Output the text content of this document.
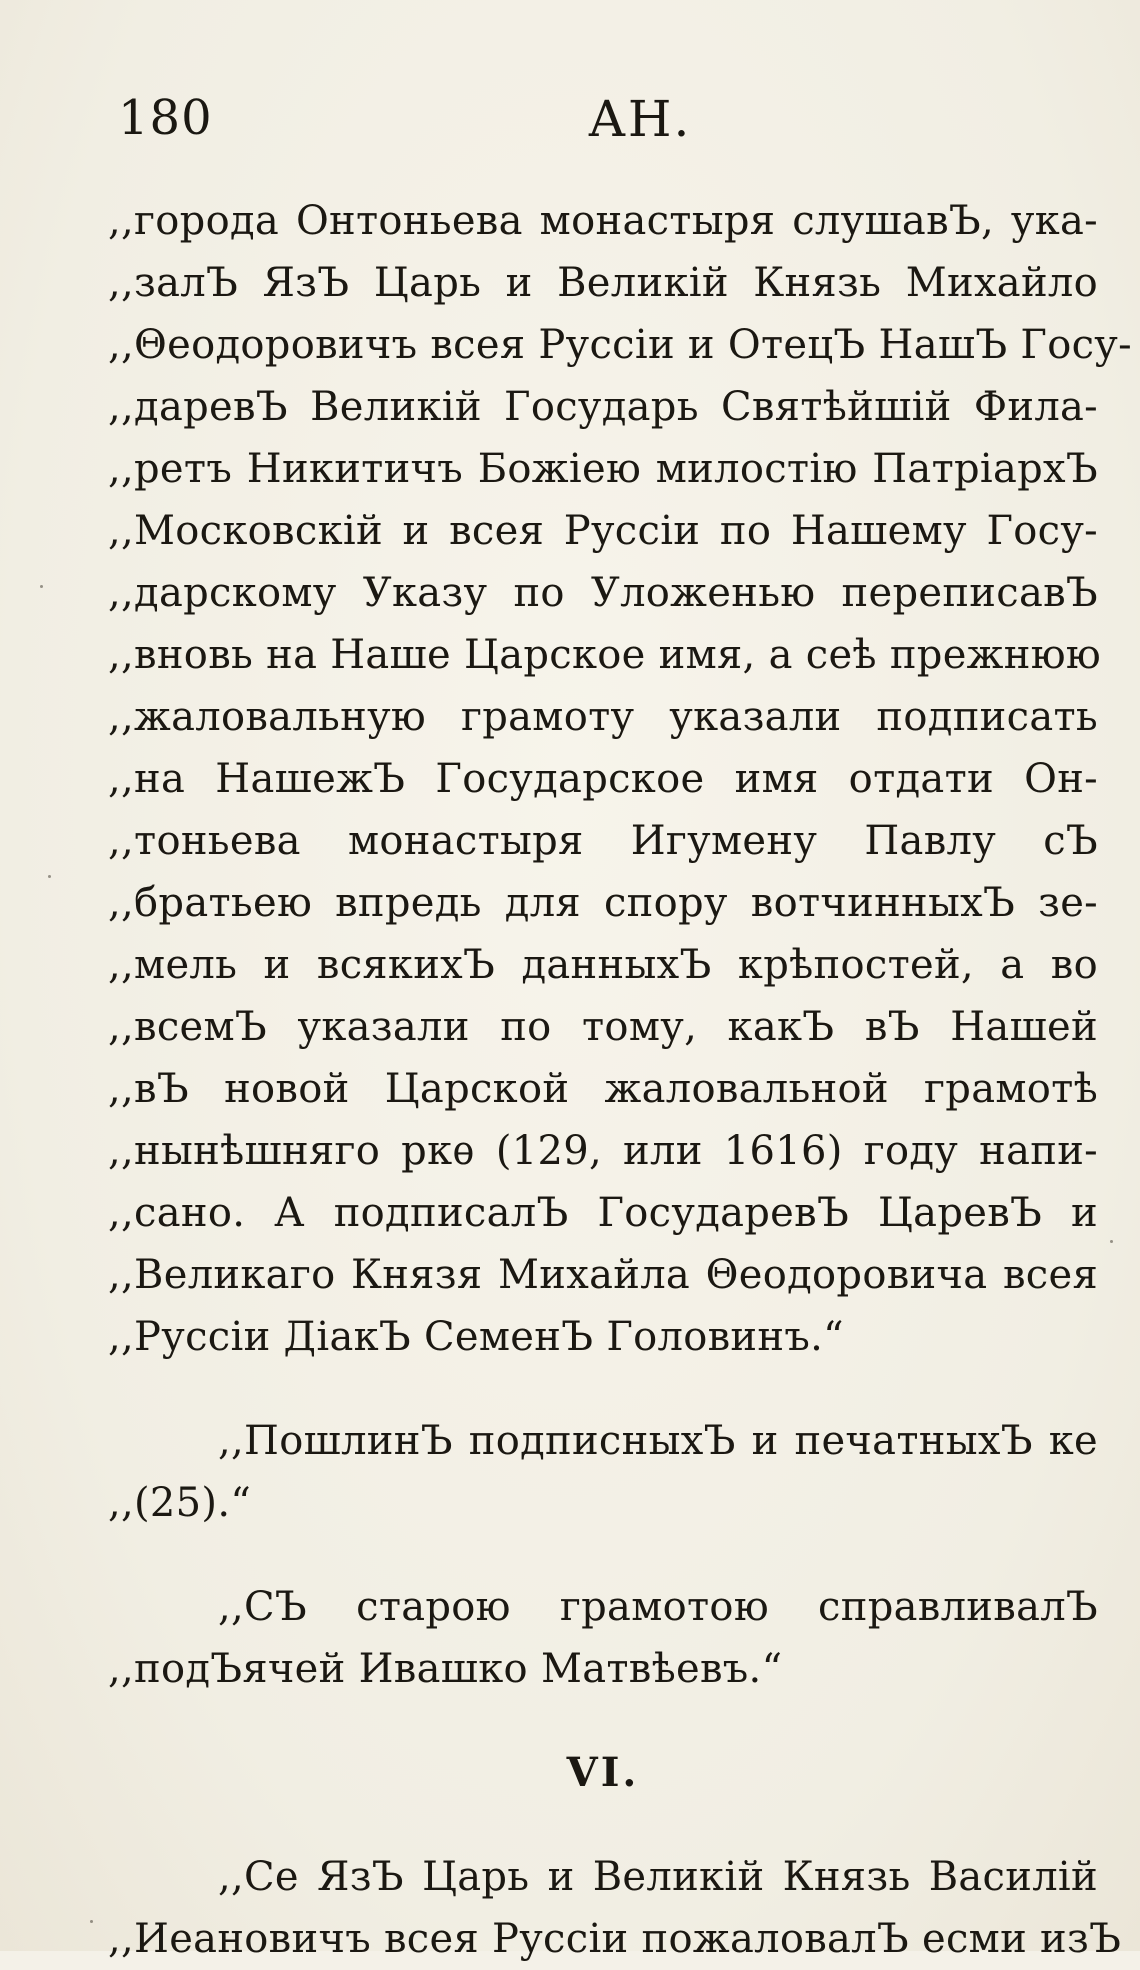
180	АН.
,,города Онтоньева монастыря слушавЪ, ука-
,,залЪ ЯзЪ Царь и Великій Князь Михайло
,,Θеодоровичъ всея Руссіи и ОтецЪ НашЪ Госу-
,,даревЪ Великій Государь Святѣйшій Фила-
,,ретъ Никитичъ Божіею милостію ПатріархЪ
,,Московскій и всея Руссіи по Нашему Госу-
,,дарскому Указу по Уложенью переписавЪ
,,вновь на Наше Царское имя, а сеѣ прежнюю
,,жаловальную грамоту указали подписать
,,на НашежЪ Государское имя отдати Он-
,,тоньева монастыря Игумену Павлу сЪ
,,братьею впредь для спору вотчинныхЪ зе-
,,мель и всякихЪ данныхЪ крѣпостей, а во
,,всемЪ указали по тому, какЪ вЪ Нашей
,,вЪ новой Царской жаловальной грамотѣ
,,нынѣшняго ркѳ (129, или 1616) году напи-
,,сано. А подписалЪ ГосударевЪ ЦаревЪ и
,,Великаго Князя Михайла Θеодоровича всея
,,Руссіи ДіакЪ СеменЪ Головинъ.“
,,ПошлинЪ подписныхЪ и печатныхЪ ке
,,(25).“
,,СЪ старою грамотою справливалЪ
,,подЪячей Ивашко Матвѣевъ.“
VI.
,,Се ЯзЪ Царь и Великій Князь Василій
,,Иеановичъ всея Руссіи пожаловалЪ есми изЪ
